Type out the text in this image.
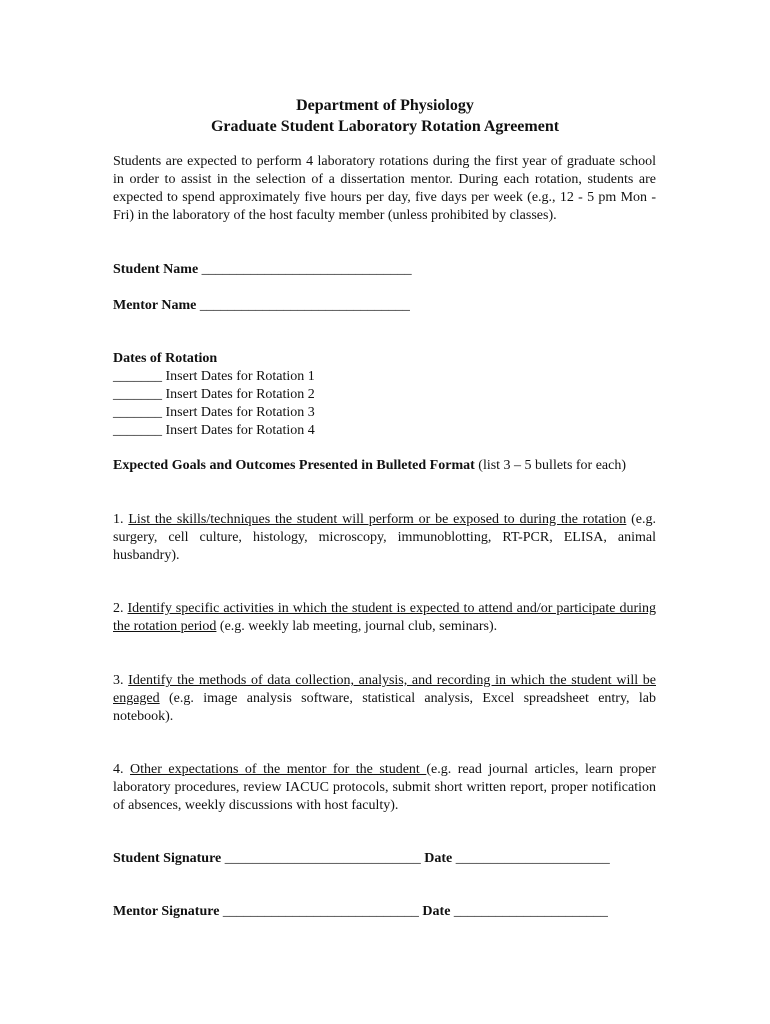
Department of Physiology

Graduate Student Laboratory Rotation Agreement

Students are expected to perform 4 laboratory rotations during the first year of graduate school in order to assist in the selection of a dissertation mentor. During each rotation, students are expected to spend approximately five hours per day, five days per week (e.g., 12 - 5 pm Mon - Fri) in the laboratory of the host faculty member (unless prohibited by classes).

Student Name ______________________________

Mentor Name ______________________________

Dates of Rotation
_______ Insert Dates for Rotation 1
_______ Insert Dates for Rotation 2
_______ Insert Dates for Rotation 3
_______ Insert Dates for Rotation 4

Expected Goals and Outcomes Presented in Bulleted Format (list 3 – 5 bullets for each)

1. List the skills/techniques the student will perform or be exposed to during the rotation (e.g. surgery, cell culture, histology, microscopy, immunoblotting, RT-PCR, ELISA, animal husbandry).

2. Identify specific activities in which the student is expected to attend and/or participate during the rotation period (e.g. weekly lab meeting, journal club, seminars).

3. Identify the methods of data collection, analysis, and recording in which the student will be engaged (e.g. image analysis software, statistical analysis, Excel spreadsheet entry, lab notebook).

4. Other expectations of the mentor for the student (e.g. read journal articles, learn proper laboratory procedures, review IACUC protocols, submit short written report, proper notification of absences, weekly discussions with host faculty).

Student Signature ____________________________ Date ______________________

Mentor Signature ____________________________ Date ______________________
